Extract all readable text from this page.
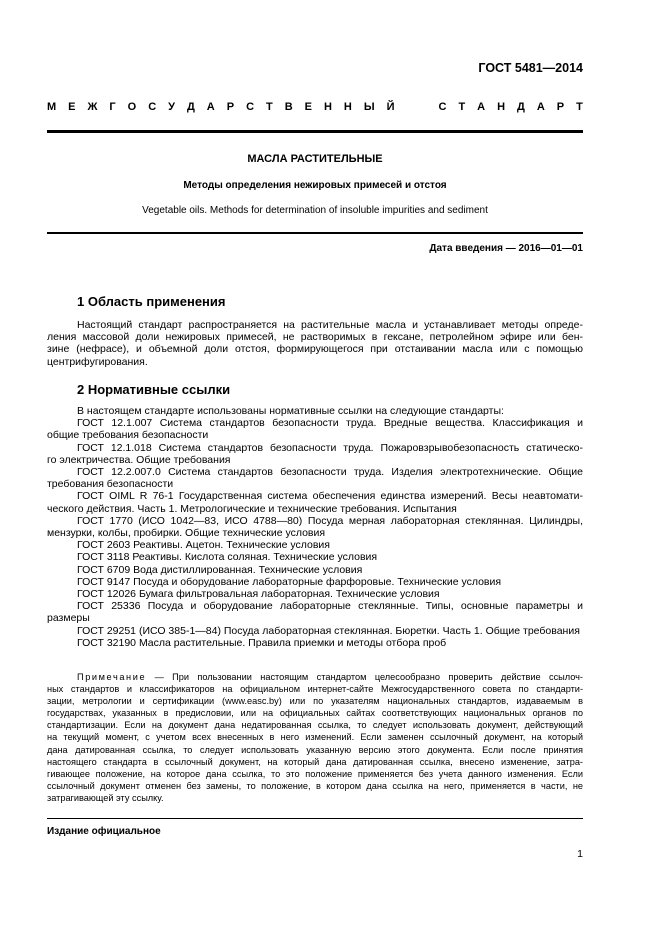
ГОСТ 5481—2014
М Е Ж Г О С У Д А Р С Т В Е Н Н Ы Й	С Т А Н Д А Р Т
МАСЛА РАСТИТЕЛЬНЫЕ
Методы определения нежировых примесей и отстоя
Vegetable oils. Methods for determination of insoluble impurities and sediment
Дата введения — 2016—01—01
1 Область применения
Настоящий стандарт распространяется на растительные масла и устанавливает методы опреде-
ления массовой доли нежировых примесей, не растворимых в гексане, петролейном эфире или бен-
зине (нефрасе), и объемной доли отстоя, формирующегося при отстаивании масла или с помощью
центрифугирования.
2 Нормативные ссылки
В настоящем стандарте использованы нормативные ссылки на следующие стандарты:
ГОСТ 12.1.007 Система стандартов безопасности труда. Вредные вещества. Классификация и
общие требования безопасности
ГОСТ 12.1.018 Система стандартов безопасности труда. Пожаровзрывобезопасность статическо-
го электричества. Общие требования
ГОСТ 12.2.007.0 Система стандартов безопасности труда. Изделия электротехнические. Общие
требования безопасности
ГОСТ OIML R 76-1 Государственная система обеспечения единства измерений. Весы неавтомати-
ческого действия. Часть 1. Метрологические и технические требования. Испытания
ГОСТ 1770 (ИСО 1042—83, ИСО 4788—80) Посуда мерная лабораторная стеклянная. Цилиндры,
мензурки, колбы, пробирки. Общие технические условия
ГОСТ 2603 Реактивы. Ацетон. Технические условия
ГОСТ 3118 Реактивы. Кислота соляная. Технические условия
ГОСТ 6709 Вода дистиллированная. Технические условия
ГОСТ 9147 Посуда и оборудование лабораторные фарфоровые. Технические условия
ГОСТ 12026 Бумага фильтровальная лабораторная. Технические условия
ГОСТ 25336 Посуда и оборудование лабораторные стеклянные. Типы, основные параметры и
размеры
ГОСТ 29251 (ИСО 385-1—84) Посуда лабораторная стеклянная. Бюретки. Часть 1. Общие требования
ГОСТ 32190 Масла растительные. Правила приемки и методы отбора проб
Примечание — При пользовании настоящим стандартом целесообразно проверить действие ссылоч-
ных стандартов и классификаторов на официальном интернет-сайте Межгосударственного совета по стандарти-
зации, метрологии и сертификации (www.easc.by) или по указателям национальных стандартов, издаваемым в
государствах, указанных в предисловии, или на официальных сайтах соответствующих национальных органов по
стандартизации. Если на документ дана недатированная ссылка, то следует использовать документ, действующий
на текущий момент, с учетом всех внесенных в него изменений. Если заменен ссылочный документ, на который
дана датированная ссылка, то следует использовать указанную версию этого документа. Если после принятия
настоящего стандарта в ссылочный документ, на который дана датированная ссылка, внесено изменение, затра-
гивающее положение, на которое дана ссылка, то это положение применяется без учета данного изменения. Если
ссылочный документ отменен без замены, то положение, в котором дана ссылка на него, применяется в части, не
затрагивающей эту ссылку.
Издание официальное
1
